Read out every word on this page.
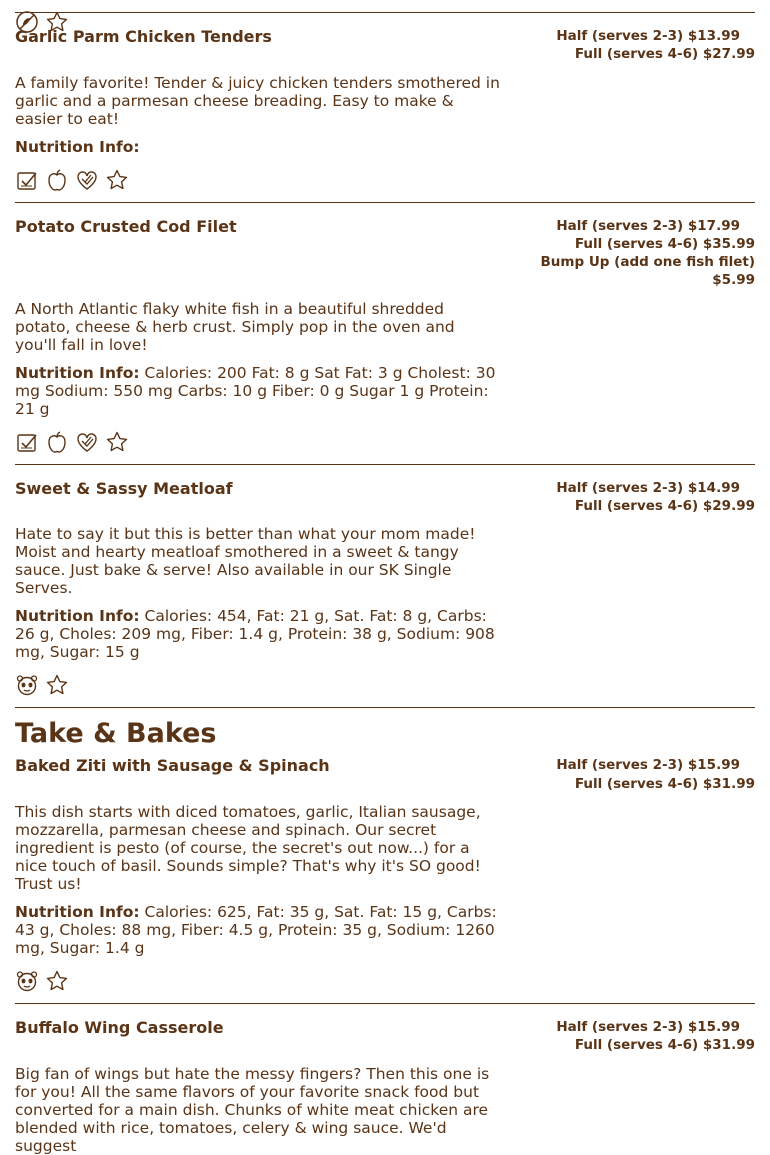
Garlic Parm Chicken Tenders	Half (serves 2-3) $13.99
Full (serves 4-6) $27.99
A family favorite! Tender & juicy chicken tenders smothered in garlic and a parmesan cheese breading. Easy to make & easier to eat!
Nutrition Info:
Potato Crusted Cod Filet	Half (serves 2-3) $17.99
Full (serves 4-6) $35.99
Bump Up (add one fish filet)
$5.99
A North Atlantic flaky white fish in a beautiful shredded potato, cheese & herb crust. Simply pop in the oven and you'll fall in love!
Nutrition Info: Calories: 200 Fat: 8 g Sat Fat: 3 g Cholest: 30 mg Sodium: 550 mg Carbs: 10 g Fiber: 0 g Sugar 1 g Protein: 21 g
Sweet & Sassy Meatloaf	Half (serves 2-3) $14.99
Full (serves 4-6) $29.99
Hate to say it but this is better than what your mom made! Moist and hearty meatloaf smothered in a sweet & tangy sauce. Just bake & serve! Also available in our SK Single Serves.
Nutrition Info: Calories: 454, Fat: 21 g, Sat. Fat: 8 g, Carbs: 26 g, Choles: 209 mg, Fiber: 1.4 g, Protein: 38 g, Sodium: 908 mg, Sugar: 15 g
Take & Bakes
Baked Ziti with Sausage & Spinach	Half (serves 2-3) $15.99
Full (serves 4-6) $31.99
This dish starts with diced tomatoes, garlic, Italian sausage, mozzarella, parmesan cheese and spinach. Our secret ingredient is pesto (of course, the secret's out now...) for a nice touch of basil. Sounds simple? That's why it's SO good! Trust us!
Nutrition Info: Calories: 625, Fat: 35 g, Sat. Fat: 15 g, Carbs: 43 g, Choles: 88 mg, Fiber: 4.5 g, Protein: 35 g, Sodium: 1260 mg, Sugar: 1.4 g
Buffalo Wing Casserole	Half (serves 2-3) $15.99
Full (serves 4-6) $31.99
Big fan of wings but hate the messy fingers? Then this one is for you! All the same flavors of your favorite snack food but converted for a main dish. Chunks of white meat chicken are blended with rice, tomatoes, celery & wing sauce. We'd suggest
